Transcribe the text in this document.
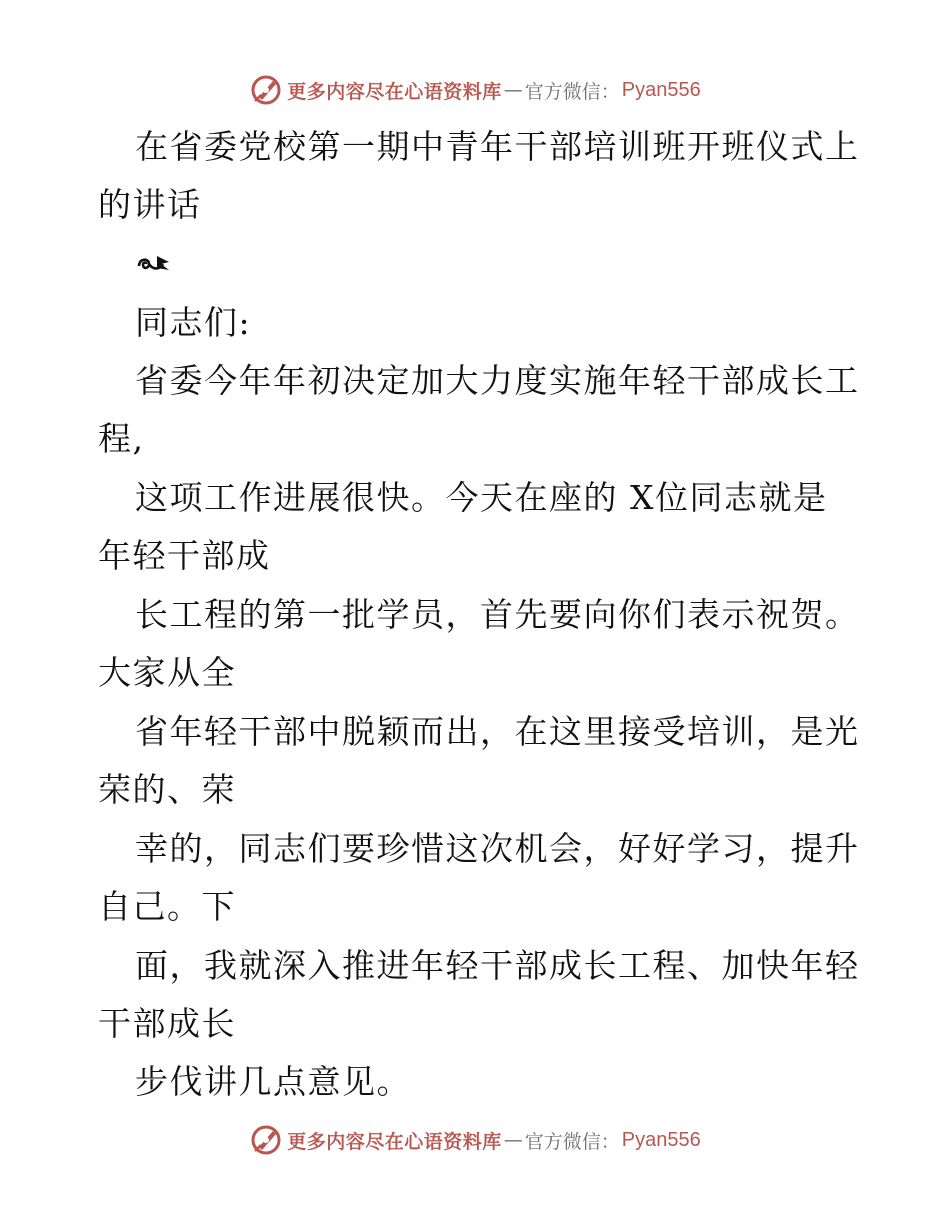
更多内容尽在心语资料库 — 官方微信： Pyan556
在省委党校第一期中青年干部培训班开班仪式上
的讲话
同志们:
省委今年年初决定加大力度实施年轻干部成长工
程,
这项工作进展很快。今天在座的 X位同志就是
年轻干部成
长工程的第一批学员，首先要向你们表示祝贺。
大家从全
省年轻干部中脱颖而出，在这里接受培训，是光
荣的、荣
幸的，同志们要珍惜这次机会，好好学习，提升
自己。下
面，我就深入推进年轻干部成长工程、加快年轻
干部成长
步伐讲几点意见。
更多内容尽在心语资料库 — 官方微信： Pyan556
